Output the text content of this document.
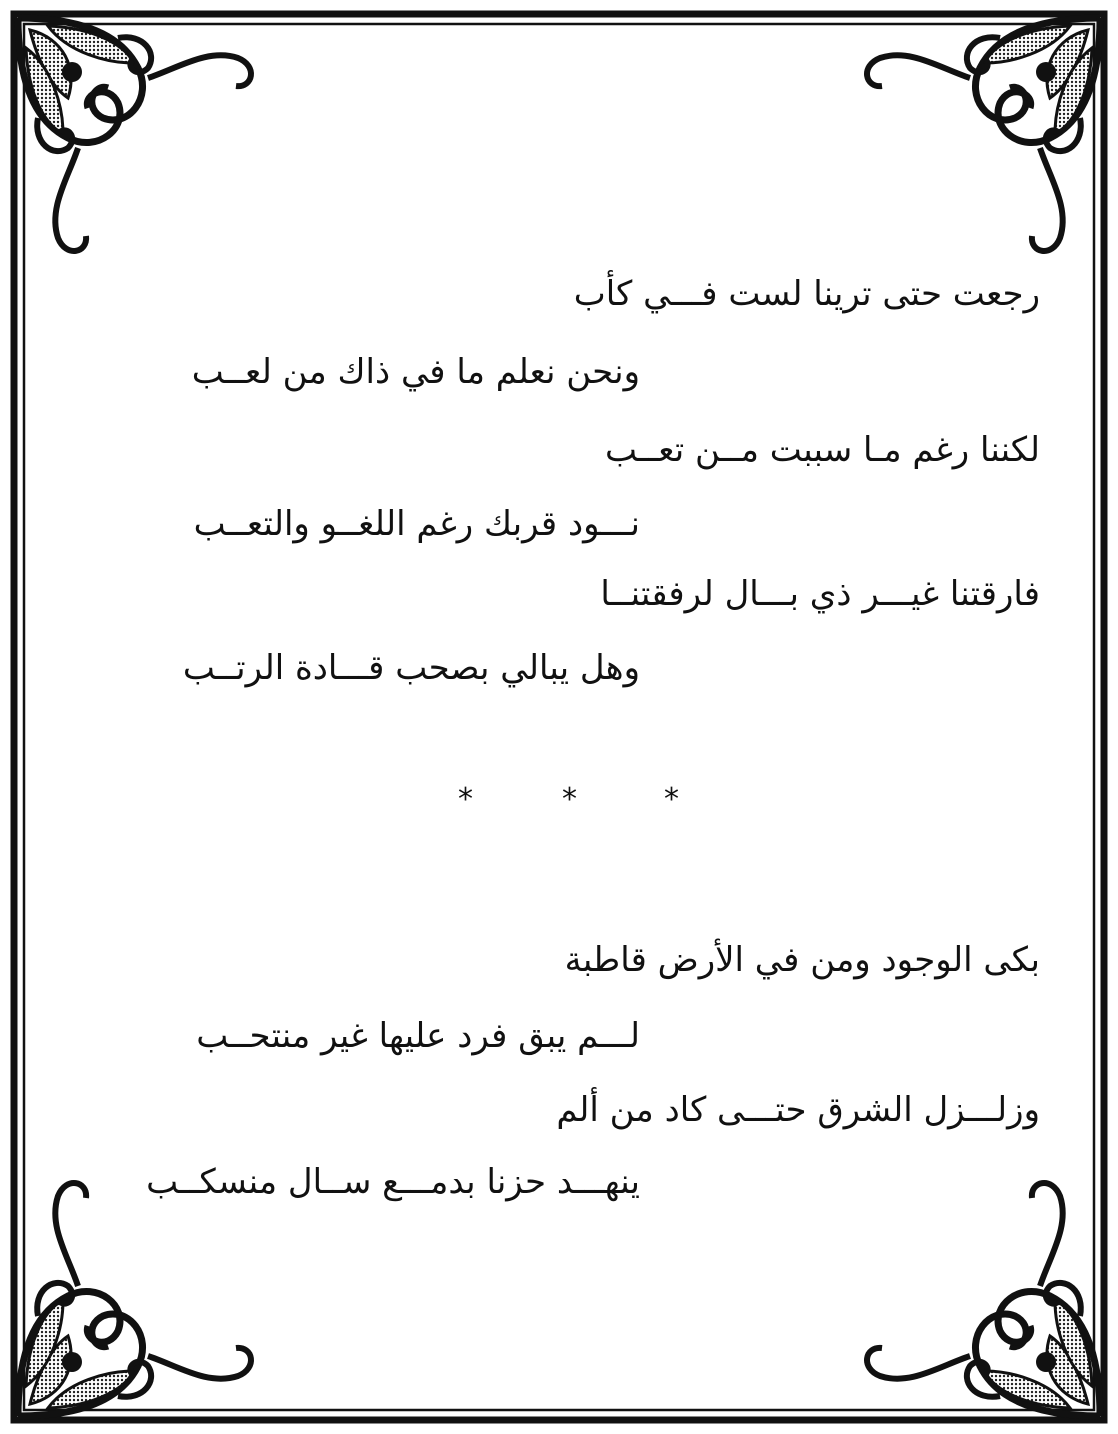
رجعت حتى ترينا لست فـــي كأب
ونحن نعلم ما في ذاك من لعــب
لكننا رغم مـا سببت مــن تعــب
نـــود قربك رغم اللغــو والتعــب
فارقتنا غيـــر ذي بـــال لرفقتنــا
وهل يبالي بصحب قـــادة الرتــب
*	*	*
بكى الوجود ومن في الأرض قاطبة
لـــم يبق فرد عليها غير منتحــب
وزلـــزل الشرق حتـــى كاد من ألم
ينهـــد حزنا بدمـــع ســال منسكــب
